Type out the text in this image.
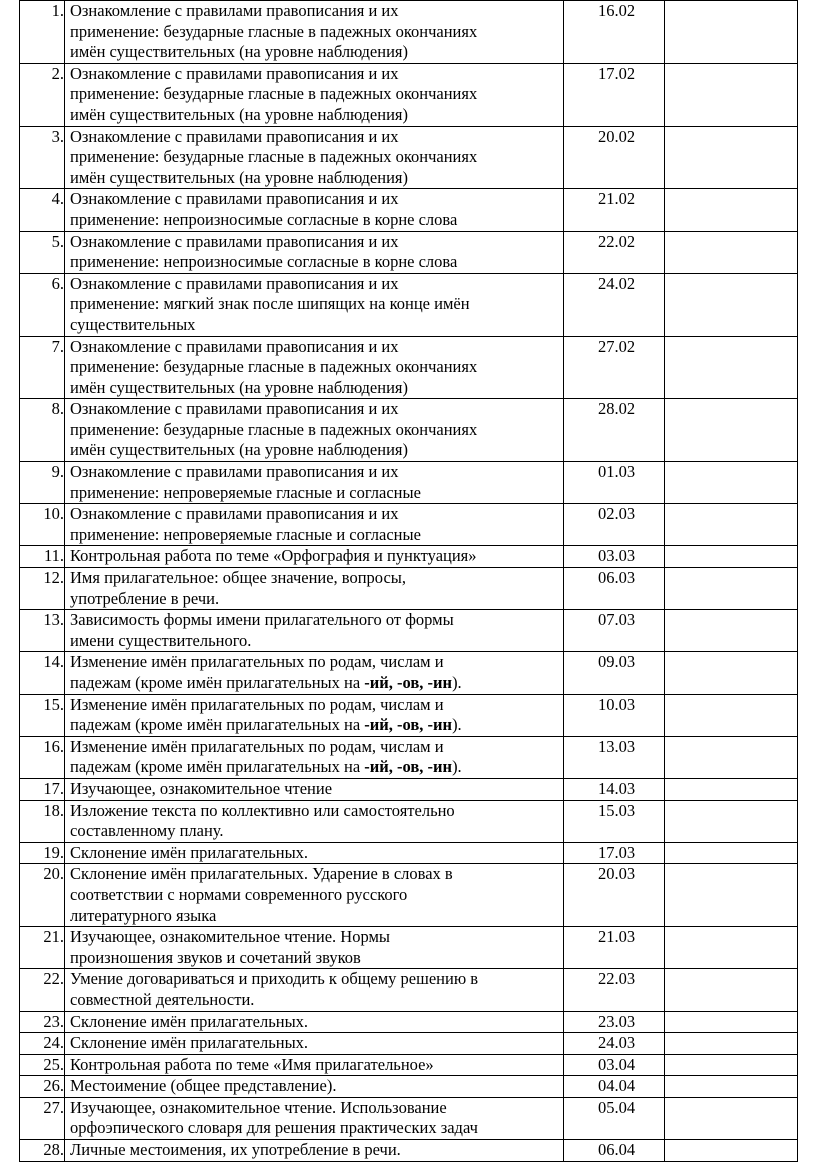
1.	Ознакомление с правилами правописания и их
применение: безударные гласные в падежных окончаниях
имён существительных (на уровне наблюдения)	16.02	
2.	Ознакомление с правилами правописания и их
применение: безударные гласные в падежных окончаниях
имён существительных (на уровне наблюдения)	17.02	
3.	Ознакомление с правилами правописания и их
применение: безударные гласные в падежных окончаниях
имён существительных (на уровне наблюдения)	20.02	
4.	Ознакомление с правилами правописания и их
применение: непроизносимые согласные в корне слова	21.02	
5.	Ознакомление с правилами правописания и их
применение: непроизносимые согласные в корне слова	22.02	
6.	Ознакомление с правилами правописания и их
применение: мягкий знак после шипящих на конце имён
существительных	24.02	
7.	Ознакомление с правилами правописания и их
применение: безударные гласные в падежных окончаниях
имён существительных (на уровне наблюдения)	27.02	
8.	Ознакомление с правилами правописания и их
применение: безударные гласные в падежных окончаниях
имён существительных (на уровне наблюдения)	28.02	
9.	Ознакомление с правилами правописания и их
применение: непроверяемые гласные и согласные	01.03	
10.	Ознакомление с правилами правописания и их
применение: непроверяемые гласные и согласные	02.03	
11.	Контрольная работа по теме «Орфография и пунктуация»	03.03	
12.	Имя прилагательное: общее значение, вопросы,
употребление в речи.	06.03	
13.	Зависимость формы имени прилагательного от формы
имени существительного.	07.03	
14.	Изменение имён прилагательных по родам, числам и
падежам (кроме имён прилагательных на -ий, -ов, -ин).	09.03	
15.	Изменение имён прилагательных по родам, числам и
падежам (кроме имён прилагательных на -ий, -ов, -ин).	10.03	
16.	Изменение имён прилагательных по родам, числам и
падежам (кроме имён прилагательных на -ий, -ов, -ин).	13.03	
17.	Изучающее, ознакомительное чтение	14.03	
18.	Изложение текста по коллективно или самостоятельно
составленному плану.	15.03	
19.	Склонение имён прилагательных.	17.03	
20.	Склонение имён прилагательных. Ударение в словах в
соответствии с нормами современного русского
литературного языка	20.03	
21.	Изучающее, ознакомительное чтение. Нормы
произношения звуков и сочетаний звуков	21.03	
22.	Умение договариваться и приходить к общему решению в
совместной деятельности.	22.03	
23.	Склонение имён прилагательных.	23.03	
24.	Склонение имён прилагательных.	24.03	
25.	Контрольная работа по теме «Имя прилагательное»	03.04	
26.	Местоимение (общее представление).	04.04	
27.	Изучающее, ознакомительное чтение. Использование
орфоэпического словаря для решения практических задач	05.04	
28.	Личные местоимения, их употребление в речи.	06.04	
